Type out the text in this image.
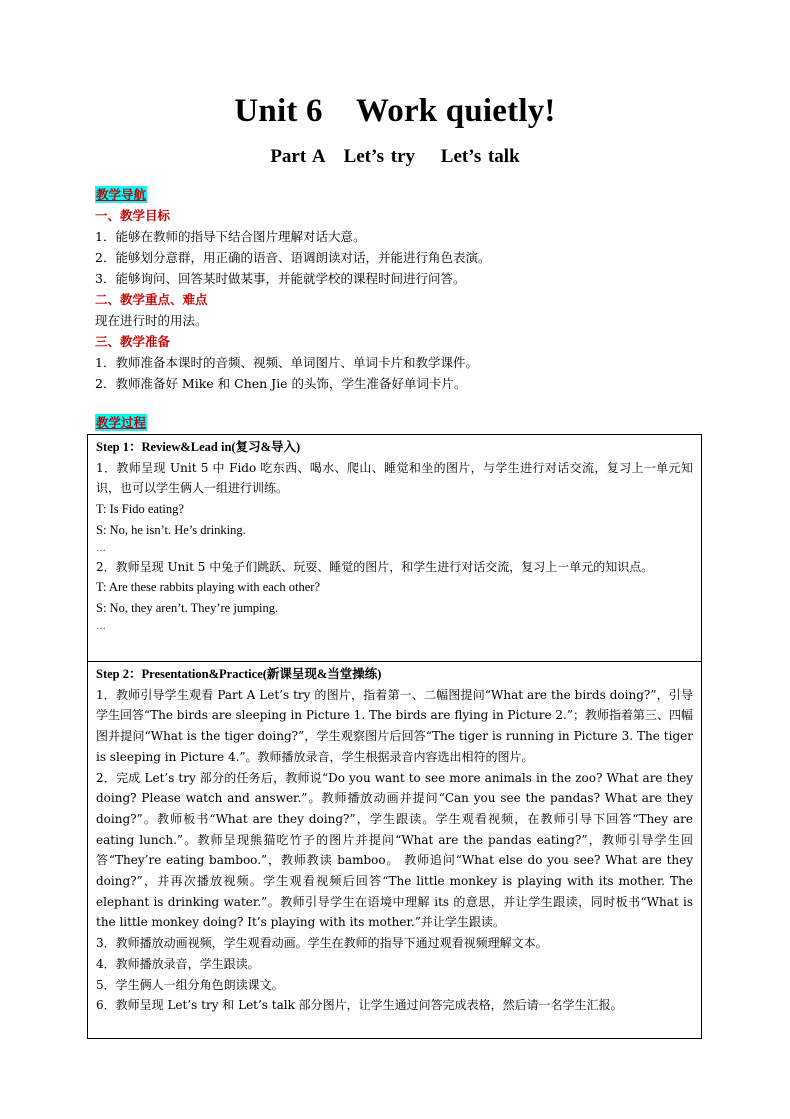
Unit 6　Work quietly!
Part A　Let’s try　 Let’s talk
教学导航
一、教学目标
1．能够在教师的指导下结合图片理解对话大意。
2．能够划分意群，用正确的语音、语调朗读对话，并能进行角色表演。
3．能够询问、回答某时做某事，并能就学校的课程时间进行问答。
二、教学重点、难点
现在进行时的用法。
三、教学准备
1．教师准备本课时的音频、视频、单词图片、单词卡片和教学课件。
2．教师准备好 Mike 和 Chen Jie 的头饰，学生准备好单词卡片。
教学过程
Step 1：Review&Lead in(复习&导入)
1．教师呈现 Unit 5 中 Fido 吃东西、喝水、爬山、睡觉和坐的图片，与学生进行对话交流，复习上一单元知识，也可以学生俩人一组进行训练。
T: Is Fido eating?
S: No, he isn’t. He’s drinking.
…
2．教师呈现 Unit 5 中兔子们跳跃、玩耍、睡觉的图片，和学生进行对话交流，复习上一单元的知识点。
T: Are these rabbits playing with each other?
S: No, they aren’t. They’re jumping.
…
Step 2：Presentation&Practice(新课呈现&当堂操练)
1．教师引导学生观看 Part A Let’s try 的图片，指着第一、二幅图提问“What are the birds doing?”，引导学生回答“The birds are sleeping in Picture 1. The birds are flying in Picture 2.”；教师指着第三、四幅图并提问“What is the tiger doing?”，学生观察图片后回答“The tiger is running in Picture 3. The tiger is sleeping in Picture 4.”。教师播放录音，学生根据录音内容选出相符的图片。
2．完成 Let’s try 部分的任务后，教师说“Do you want to see more animals in the zoo? What are they doing? Please watch and answer.”。教师播放动画并提问“Can you see the pandas? What are they doing?”。教师板书“What are they doing?”，学生跟读。学生观看视频，在教师引导下回答“They are eating lunch.”。教师呈现熊猫吃竹子的图片并提问“What are the pandas eating?”，教师引导学生回答“They’re eating bamboo.”，教师教读 bamboo。 教师追问“What else do you see? What are they doing?”，并再次播放视频。学生观看视频后回答“The little monkey is playing with its mother. The elephant is drinking water.”。教师引导学生在语境中理解 its 的意思，并让学生跟读，同时板书“What is the little monkey doing? It’s playing with its mother.”并让学生跟读。
3．教师播放动画视频，学生观看动画。学生在教师的指导下通过观看视频理解文本。
4．教师播放录音，学生跟读。
5．学生俩人一组分角色朗读课文。
6．教师呈现 Let’s try 和 Let’s talk 部分图片，让学生通过问答完成表格，然后请一名学生汇报。
